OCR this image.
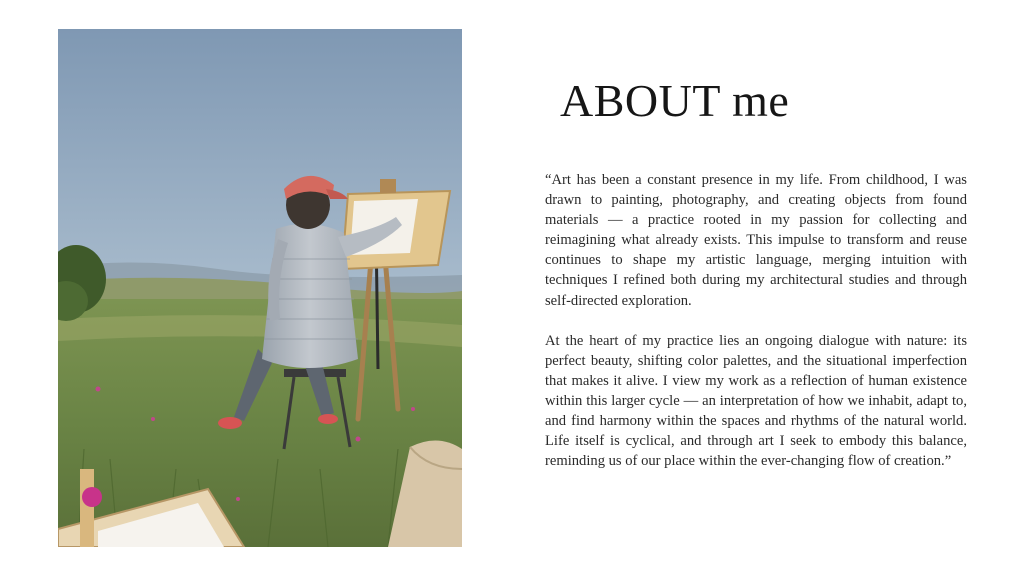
ABOUT me

“Art has been a constant presence in my life. From childhood, I was drawn to painting, photography, and creating objects from found materials — a practice rooted in my passion for collecting and reimagining what already exists. This impulse to transform and reuse continues to shape my artistic language, merging intuition with techniques I refined both during my architectural studies and through self-directed exploration.

At the heart of my practice lies an ongoing dialogue with nature: its perfect beauty, shifting color palettes, and the situational imperfection that makes it alive. I view my work as a reflection of human existence within this larger cycle — an interpretation of how we inhabit, adapt to, and find harmony within the spaces and rhythms of the natural world. Life itself is cyclical, and through art I seek to embody this balance, reminding us of our place within the ever-changing flow of creation.”
